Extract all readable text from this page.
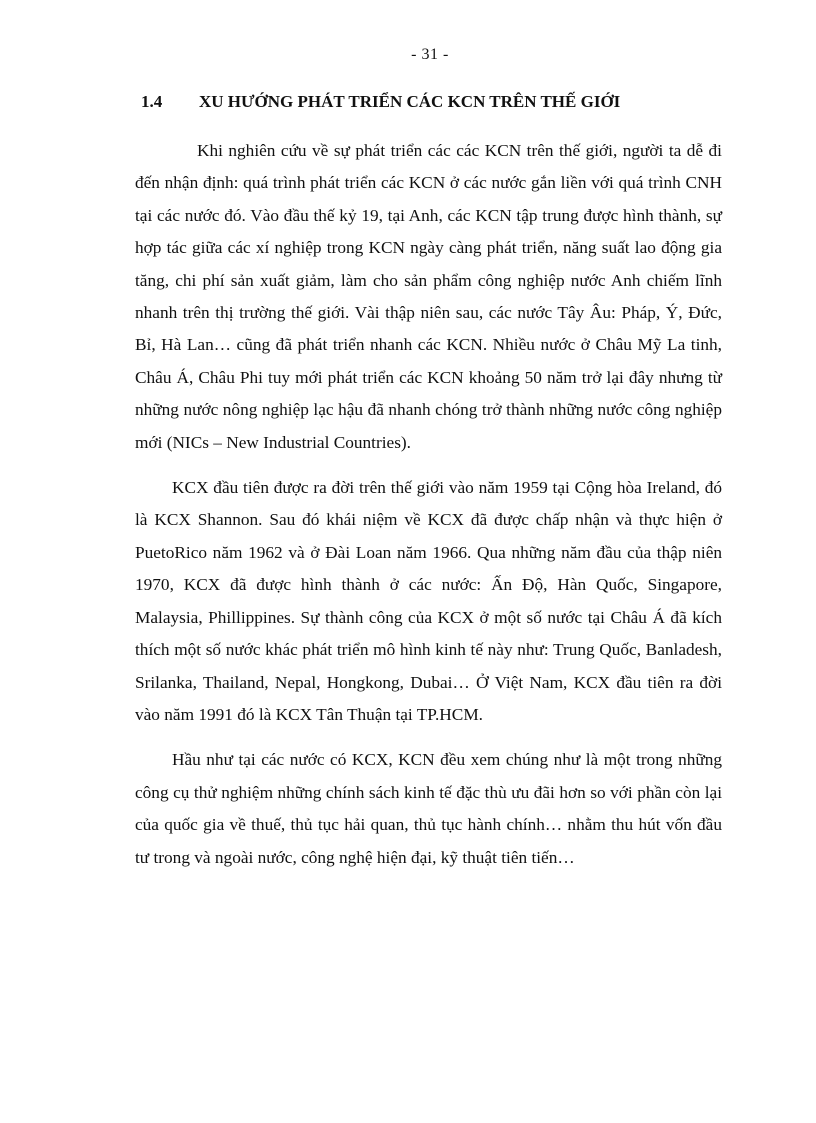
- 31 -
1.4 XU HƯỚNG PHÁT TRIỂN CÁC KCN TRÊN THẾ GIỚI

Khi nghiên cứu về sự phát triển các các KCN trên thế giới, người ta dễ đi đến nhận định: quá trình phát triển các KCN ở các nước gắn liền với quá trình CNH tại các nước đó. Vào đầu thế kỷ 19, tại Anh, các KCN tập trung được hình thành, sự hợp tác giữa các xí nghiệp trong KCN ngày càng phát triển, năng suất lao động gia tăng, chi phí sản xuất giảm, làm cho sản phẩm công nghiệp nước Anh chiếm lĩnh nhanh trên thị trường thế giới. Vài thập niên sau, các nước Tây Âu: Pháp, Ý, Đức, Bỉ, Hà Lan… cũng đã phát triển nhanh các KCN. Nhiều nước ở Châu Mỹ La tinh, Châu Á, Châu Phi tuy mới phát triển các KCN khoảng 50 năm trở lại đây nhưng từ những nước nông nghiệp lạc hậu đã nhanh chóng trở thành những nước công nghiệp mới (NICs – New Industrial Countries).

KCX đầu tiên được ra đời trên thế giới vào năm 1959 tại Cộng hòa Ireland, đó là KCX Shannon. Sau đó khái niệm về KCX đã được chấp nhận và thực hiện ở PuetoRico năm 1962 và ở Đài Loan năm 1966. Qua những năm đầu của thập niên 1970, KCX đã được hình thành ở các nước: Ấn Độ, Hàn Quốc, Singapore, Malaysia, Phillippines. Sự thành công của KCX ở một số nước tại Châu Á đã kích thích một số nước khác phát triển mô hình kinh tế này như: Trung Quốc, Banladesh, Srilanka, Thailand, Nepal, Hongkong, Dubai… Ở Việt Nam, KCX đầu tiên ra đời vào năm 1991 đó là KCX Tân Thuận tại TP.HCM.

Hầu như tại các nước có KCX, KCN đều xem chúng như là một trong những công cụ thử nghiệm những chính sách kinh tế đặc thù ưu đãi hơn so với phần còn lại của quốc gia về thuế, thủ tục hải quan, thủ tục hành chính… nhằm thu hút vốn đầu tư trong và ngoài nước, công nghệ hiện đại, kỹ thuật tiên tiến…
